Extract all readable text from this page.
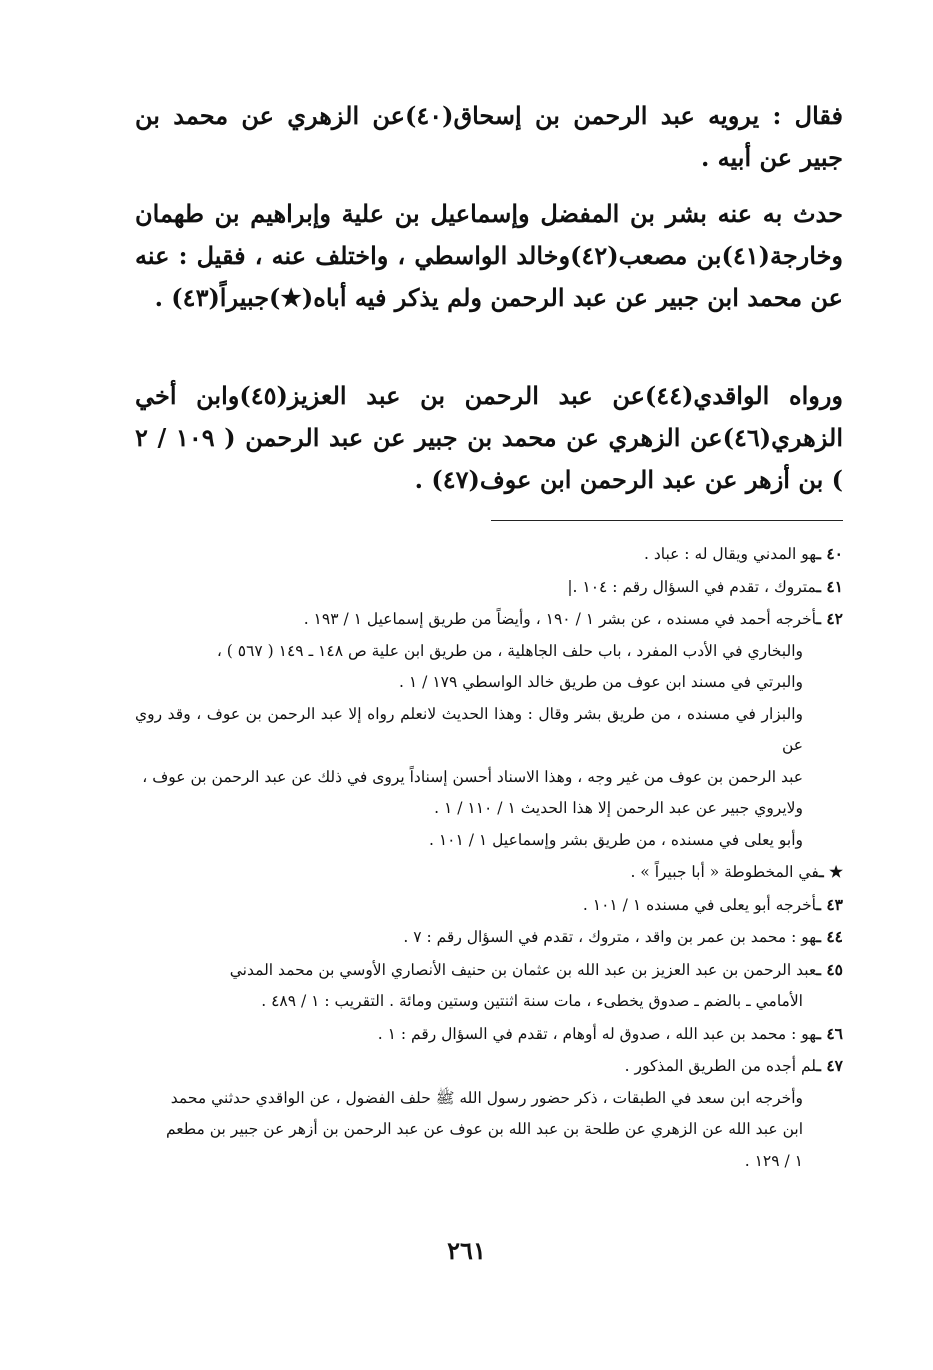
فقال : يرويه عبد الرحمن بن إسحاق(٤٠)عن الزهري عن محمد بن جبير عن أبيه .

حدث به عنه بشر بن المفضل وإسماعيل بن علية وإبراهيم بن طهمان وخارجة(٤١)بن مصعب(٤٢)وخالد الواسطي ، واختلف عنه ، فقيل : عنه عن محمد ابن جبير عن عبد الرحمن ولم يذكر فيه أباه(★)جبيراً(٤٣) .

ورواه الواقدي(٤٤)عن عبد الرحمن بن عبد العزيز(٤٥)وابن أخي الزهري(٤٦)عن الزهري عن محمد بن جبير عن عبد الرحمن ( ١٠٩ / ٢ ) بن أزهر عن عبد الرحمن ابن عوف(٤٧) .

٤٠ ـهو المدني ويقال له : عباد .
٤١ ـمتروك ، تقدم في السؤال رقم : ١٠٤ .|
٤٢ ـأخرجه أحمد في مسنده ، عن بشر ١ / ١٩٠ ، وأيضاً من طريق إسماعيل ١ / ١٩٣ .
والبخاري في الأدب المفرد ، باب حلف الجاهلية ، من طريق ابن علية ص ١٤٨ ـ ١٤٩ ( ٥٦٧ ) ،
والبرتي في مسند ابن عوف من طريق خالد الواسطي ١٧٩ / ١ .
والبزار في مسنده ، من طريق بشر وقال : وهذا الحديث لانعلم رواه إلا عبد الرحمن بن عوف ، وقد روي عن
عبد الرحمن بن عوف من غير وجه ، وهذا الاسناد أحسن إسناداً يروى في ذلك عن عبد الرحمن بن عوف ،
ولايروي جبير عن عبد الرحمن إلا هذا الحديث ١ / ١١٠ / ١ .
وأبو يعلى في مسنده ، من طريق بشر وإسماعيل ١ / ١٠١ .
★ ـفي المخطوطة « أبا جبيراً » .
٤٣ ـأخرجه أبو يعلى في مسنده ١ / ١٠١ .
٤٤ ـهو : محمد بن عمر بن واقد ، متروك ، تقدم في السؤال رقم : ٧ .
٤٥ ـعبد الرحمن بن عبد العزيز بن عبد الله بن عثمان بن حنيف الأنصاري الأوسي بن محمد المدني
الأمامي ـ بالضم ـ صدوق يخطىء ، مات سنة اثنتين وستين ومائة . التقريب : ١ / ٤٨٩ .
٤٦ ـهو : محمد بن عبد الله ، صدوق له أوهام ، تقدم في السؤال رقم : ١ .
٤٧ ـلم أجده من الطريق المذكور .
وأخرجه ابن سعد في الطبقات ، ذكر حضور رسول الله ﷺ حلف الفضول ، عن الواقدي حدثني محمد
ابن عبد الله عن الزهري عن طلحة بن عبد الله بن عوف عن عبد الرحمن بن أزهر عن جبير بن مطعم
١ / ١٢٩ .
٢٦١
